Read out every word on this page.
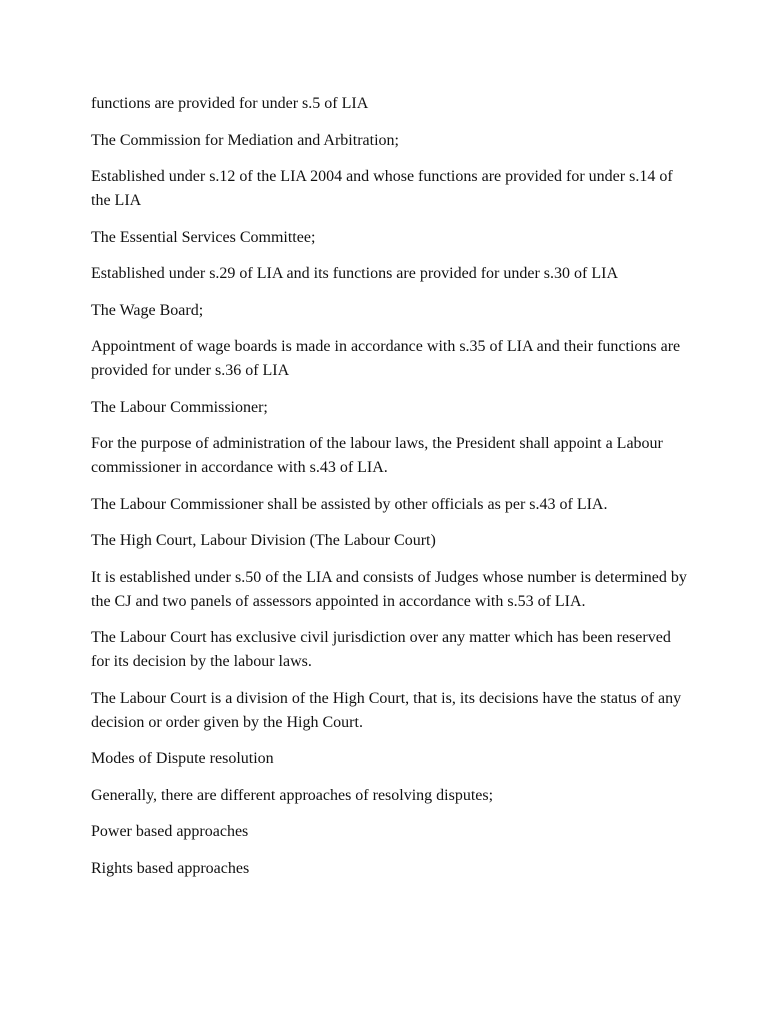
functions are provided for under s.5 of LIA

The Commission for Mediation and Arbitration;

Established under s.12 of the LIA 2004 and whose functions are provided for under s.14 of the LIA

The Essential Services Committee;

Established under s.29 of LIA and its functions are provided for under s.30 of LIA

The Wage Board;

Appointment of wage boards is made in accordance with s.35 of LIA and their functions are provided for under s.36 of LIA

The Labour Commissioner;

For the purpose of administration of the labour laws, the President shall appoint a Labour commissioner in accordance with s.43 of LIA.

The Labour Commissioner shall be assisted by other officials as per s.43 of LIA.

The High Court, Labour Division (The Labour Court)

It is established under s.50 of the LIA and consists of Judges whose number is determined by the CJ and two panels of assessors appointed in accordance with s.53 of LIA.

The Labour Court has exclusive civil jurisdiction over any matter which has been reserved for its decision by the labour laws.

The Labour Court is a division of the High Court, that is, its decisions have the status of any decision or order given by the High Court.

Modes of Dispute resolution

Generally, there are different approaches of resolving disputes;

Power based approaches

Rights based approaches
